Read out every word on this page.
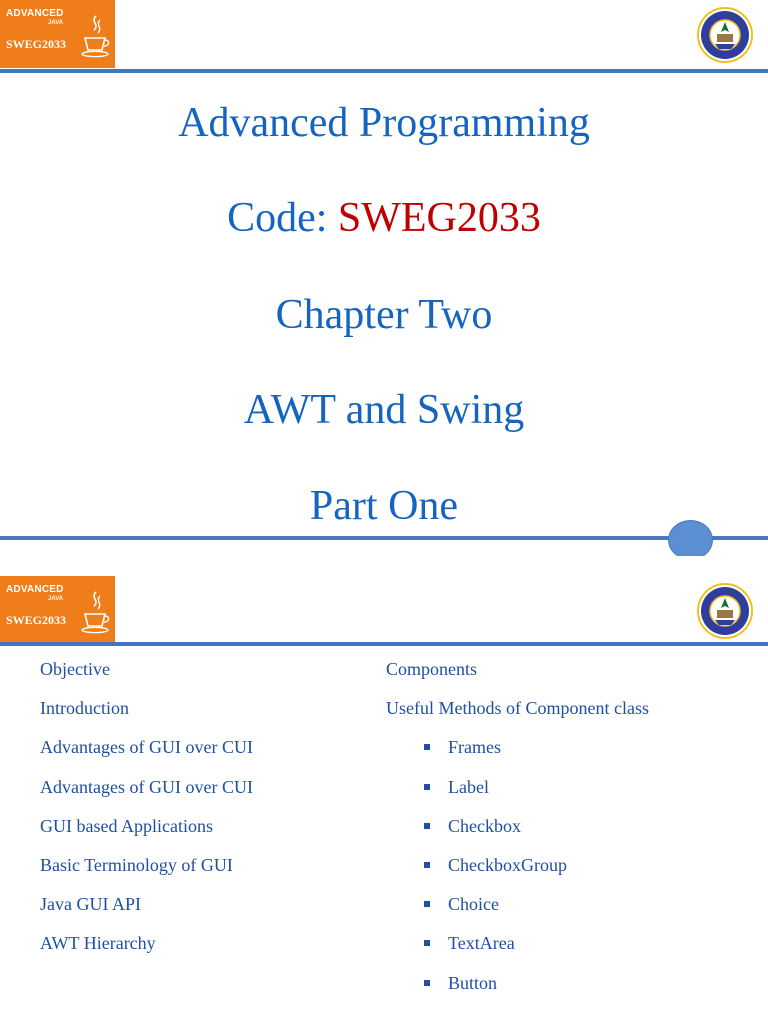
ADVANCED
JAVA
SWEG2033
Advanced Programming
Code: SWEG2033
Chapter Two
AWT and Swing
Part One
ADVANCED
JAVA
SWEG2033
Objective
Introduction
Advantages of GUI over CUI
Advantages of GUI over CUI
GUI based Applications
Basic Terminology of GUI
Java GUI API
AWT Hierarchy
Components
Useful Methods of Component class
Frames
Label
Checkbox
CheckboxGroup
Choice
TextArea
Button
